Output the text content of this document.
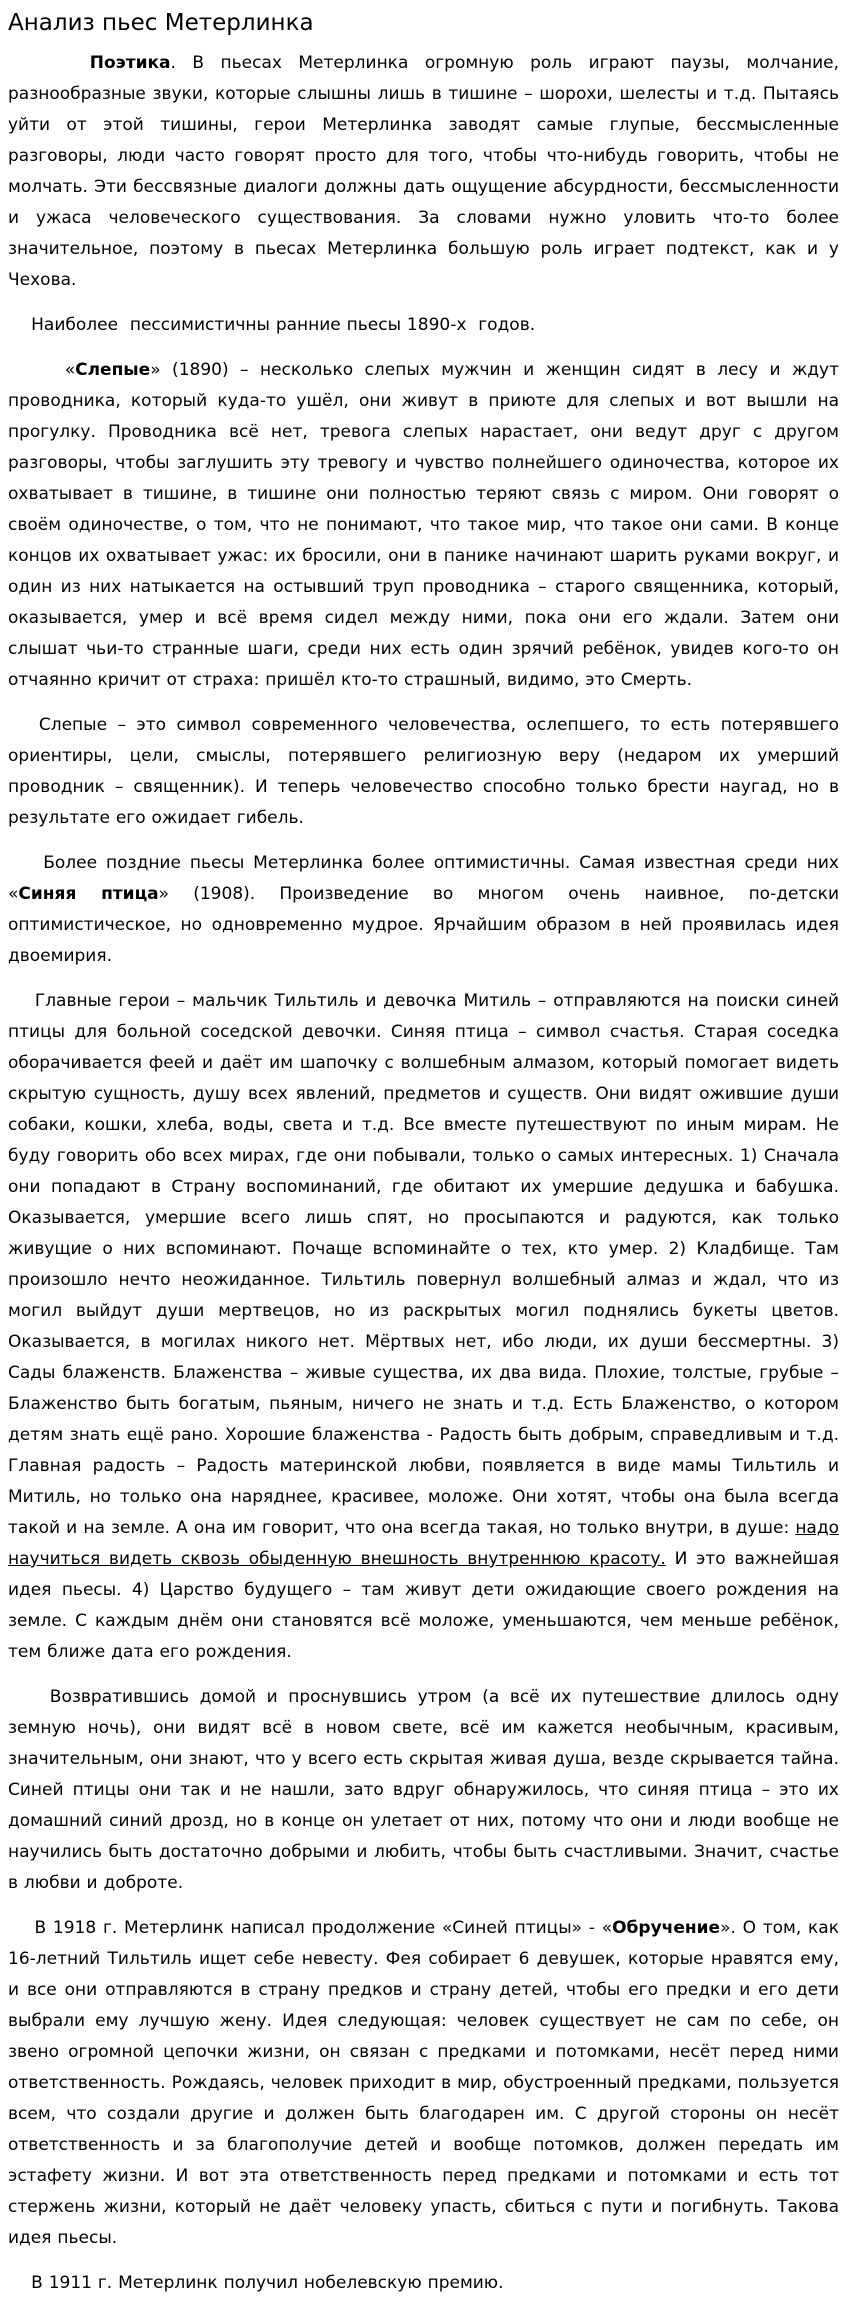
Анализ пьес Метерлинка
Поэтика. В пьесах Метерлинка огромную роль играют паузы, молчание, разнообразные звуки, которые слышны лишь в тишине – шорохи, шелесты и т.д. Пытаясь уйти от этой тишины, герои Метерлинка заводят самые глупые, бессмысленные разговоры, люди часто говорят просто для того, чтобы что-нибудь говорить, чтобы не молчать. Эти бессвязные диалоги должны дать ощущение абсурдности, бессмысленности и ужаса человеческого существования. За словами нужно уловить что-то более значительное, поэтому в пьесах Метерлинка большую роль играет подтекст, как и у Чехова.
Наиболее  пессимистичны ранние пьесы 1890-х  годов.
«Слепые» (1890) – несколько слепых мужчин и женщин сидят в лесу и ждут проводника, который куда-то ушёл, они живут в приюте для слепых и вот вышли на прогулку. Проводника всё нет, тревога слепых нарастает, они ведут друг с другом разговоры, чтобы заглушить эту тревогу и чувство полнейшего одиночества, которое их охватывает в тишине, в тишине они полностью теряют связь с миром. Они говорят о своём одиночестве, о том, что не понимают, что такое мир, что такое они сами. В конце концов их охватывает ужас: их бросили, они в панике начинают шарить руками вокруг, и один из них натыкается на остывший труп проводника – старого священника, который, оказывается, умер и всё время сидел между ними, пока они его ждали. Затем они слышат чьи-то странные шаги, среди них есть один зрячий ребёнок, увидев кого-то он отчаянно кричит от страха: пришёл кто-то страшный, видимо, это Смерть.
Слепые – это символ современного человечества, ослепшего, то есть потерявшего ориентиры, цели, смыслы, потерявшего религиозную веру (недаром их умерший проводник – священник). И теперь человечество способно только брести наугад, но в результате его ожидает гибель.
Более поздние пьесы Метерлинка более оптимистичны. Самая известная среди них «Синяя птица» (1908). Произведение во многом очень наивное, по-детски оптимистическое, но одновременно мудрое. Ярчайшим образом в ней проявилась идея двоемирия.
Главные герои – мальчик Тильтиль и девочка Митиль – отправляются на поиски синей птицы для больной соседской девочки. Синяя птица – символ счастья. Старая соседка оборачивается феей и даёт им шапочку с волшебным алмазом, который помогает видеть скрытую сущность, душу всех явлений, предметов и существ. Они видят ожившие души собаки, кошки, хлеба, воды, света и т.д. Все вместе путешествуют по иным мирам. Не буду говорить обо всех мирах, где они побывали, только о самых интересных. 1) Сначала они попадают в Страну воспоминаний, где обитают их умершие дедушка и бабушка. Оказывается, умершие всего лишь спят, но просыпаются и радуются, как только живущие о них вспоминают. Почаще вспоминайте о тех, кто умер. 2) Кладбище. Там произошло нечто неожиданное. Тильтиль повернул волшебный алмаз и ждал, что из могил выйдут души мертвецов, но из раскрытых могил поднялись букеты цветов. Оказывается, в могилах никого нет. Мёртвых нет, ибо люди, их души бессмертны. 3) Сады блаженств. Блаженства – живые существа, их два вида. Плохие, толстые, грубые – Блаженство быть богатым, пьяным, ничего не знать и т.д. Есть Блаженство, о котором детям знать ещё рано. Хорошие блаженства - Радость быть добрым, справедливым и т.д. Главная радость – Радость материнской любви, появляется в виде мамы Тильтиль и Митиль, но только она наряднее, красивее, моложе. Они хотят, чтобы она была всегда такой и на земле. А она им говорит, что она всегда такая, но только внутри, в душе: надо научиться видеть сквозь обыденную внешность внутреннюю красоту. И это важнейшая идея пьесы. 4) Царство будущего – там живут дети ожидающие своего рождения на земле. С каждым днём они становятся всё моложе, уменьшаются, чем меньше ребёнок, тем ближе дата его рождения.
Возвратившись домой и проснувшись утром (а всё их путешествие длилось одну земную ночь), они видят всё в новом свете, всё им кажется необычным, красивым, значительным, они знают, что у всего есть скрытая живая душа, везде скрывается тайна. Синей птицы они так и не нашли, зато вдруг обнаружилось, что синяя птица – это их домашний синий дрозд, но в конце он улетает от них, потому что они и люди вообще не научились быть достаточно добрыми и любить, чтобы быть счастливыми. Значит, счастье в любви и доброте.
В 1918 г. Метерлинк написал продолжение «Синей птицы» - «Обручение». О том, как 16-летний Тильтиль ищет себе невесту. Фея собирает 6 девушек, которые нравятся ему, и все они отправляются в страну предков и страну детей, чтобы его предки и его дети выбрали ему лучшую жену. Идея следующая: человек существует не сам по себе, он звено огромной цепочки жизни, он связан с предками и потомками, несёт перед ними ответственность. Рождаясь, человек приходит в мир, обустроенный предками, пользуется всем, что создали другие и должен быть благодарен им. С другой стороны он несёт ответственность и за благополучие детей и вообще потомков, должен передать им эстафету жизни. И вот эта ответственность перед предками и потомками и есть тот стержень жизни, который не даёт человеку упасть, сбиться с пути и погибнуть. Такова идея пьесы.
В 1911 г. Метерлинк получил нобелевскую премию.
